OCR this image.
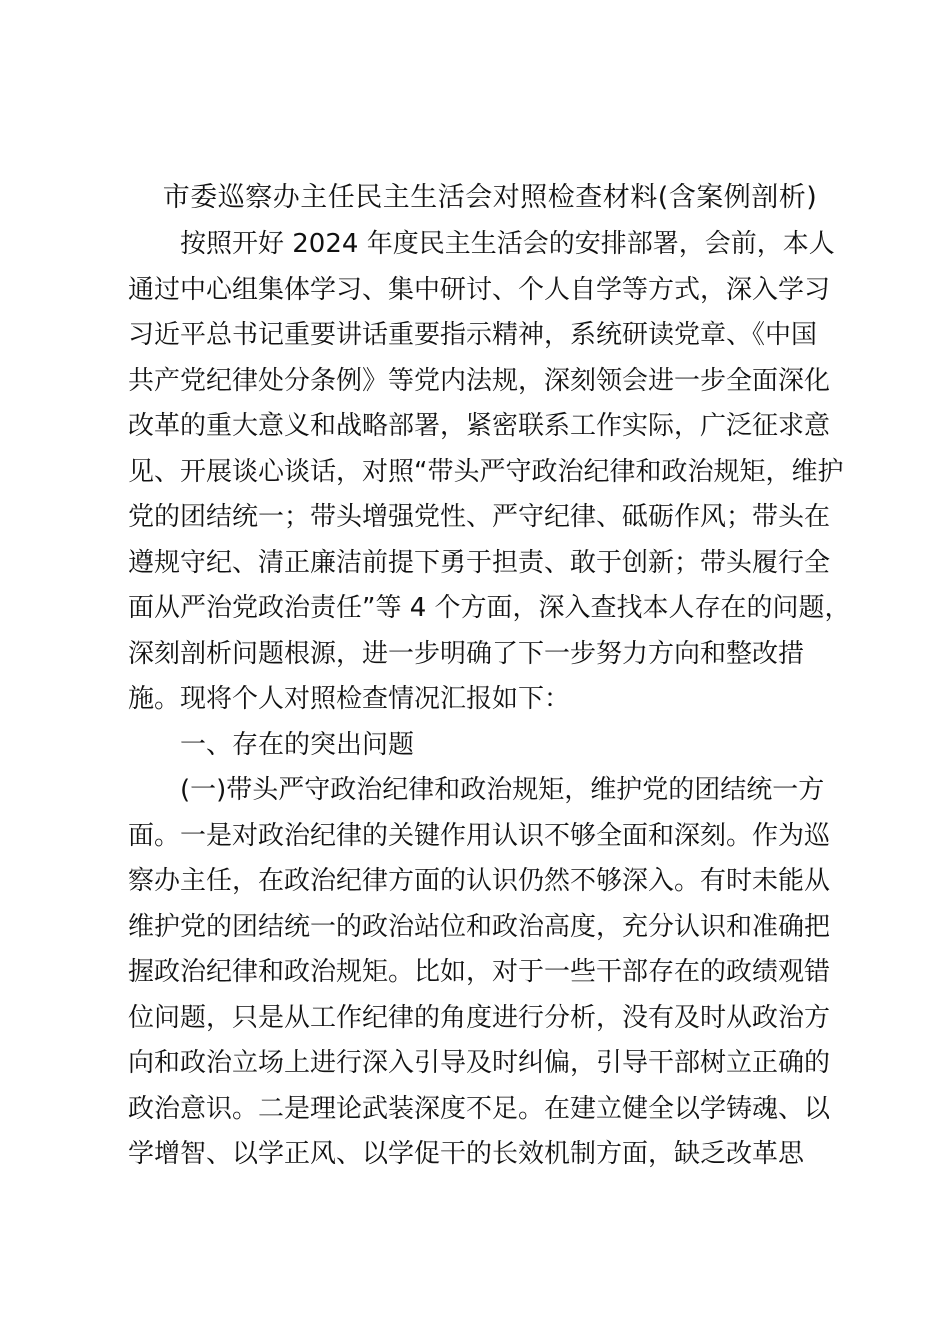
市委巡察办主任民主生活会对照检查材料(含案例剖析)
按照开好 2024 年度民主生活会的安排部署，会前，本人
通过中心组集体学习、集中研讨、个人自学等方式，深入学习
习近平总书记重要讲话重要指示精神，系统研读党章、《中国
共产党纪律处分条例》等党内法规，深刻领会进一步全面深化
改革的重大意义和战略部署，紧密联系工作实际，广泛征求意
见、开展谈心谈话，对照“带头严守政治纪律和政治规矩，维护
党的团结统一；带头增强党性、严守纪律、砥砺作风；带头在
遵规守纪、清正廉洁前提下勇于担责、敢于创新；带头履行全
面从严治党政治责任”等 4 个方面，深入查找本人存在的问题，
深刻剖析问题根源，进一步明确了下一步努力方向和整改措
施。现将个人对照检查情况汇报如下：
一、存在的突出问题
(一)带头严守政治纪律和政治规矩，维护党的团结统一方
面。一是对政治纪律的关键作用认识不够全面和深刻。作为巡
察办主任，在政治纪律方面的认识仍然不够深入。有时未能从
维护党的团结统一的政治站位和政治高度，充分认识和准确把
握政治纪律和政治规矩。比如，对于一些干部存在的政绩观错
位问题，只是从工作纪律的角度进行分析，没有及时从政治方
向和政治立场上进行深入引导及时纠偏，引导干部树立正确的
政治意识。二是理论武装深度不足。在建立健全以学铸魂、以
学增智、以学正风、以学促干的长效机制方面，缺乏改革思
